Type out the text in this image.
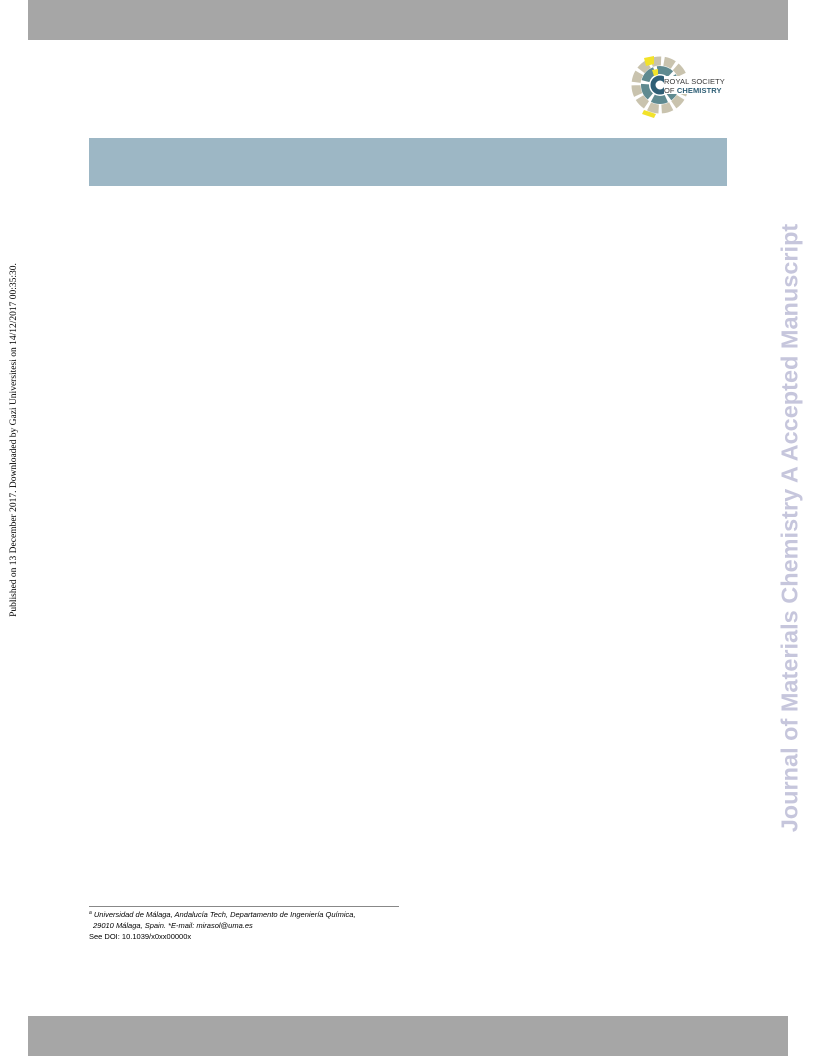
ROYAL SOCIETY
OF CHEMISTRY
Published on 13 December 2017. Downloaded by Gazi Universitesi on 14/12/2017 00:35:30.	Journal of Materials Chemistry A Accepted Manuscript
$^a$ Universidad de Málaga, Andalucía Tech, Departamento de Ingeniería Química,
29010 Málaga, Spain. *E-mail: mirasol@uma.es
See DOI: 10.1039/x0xx00000x
